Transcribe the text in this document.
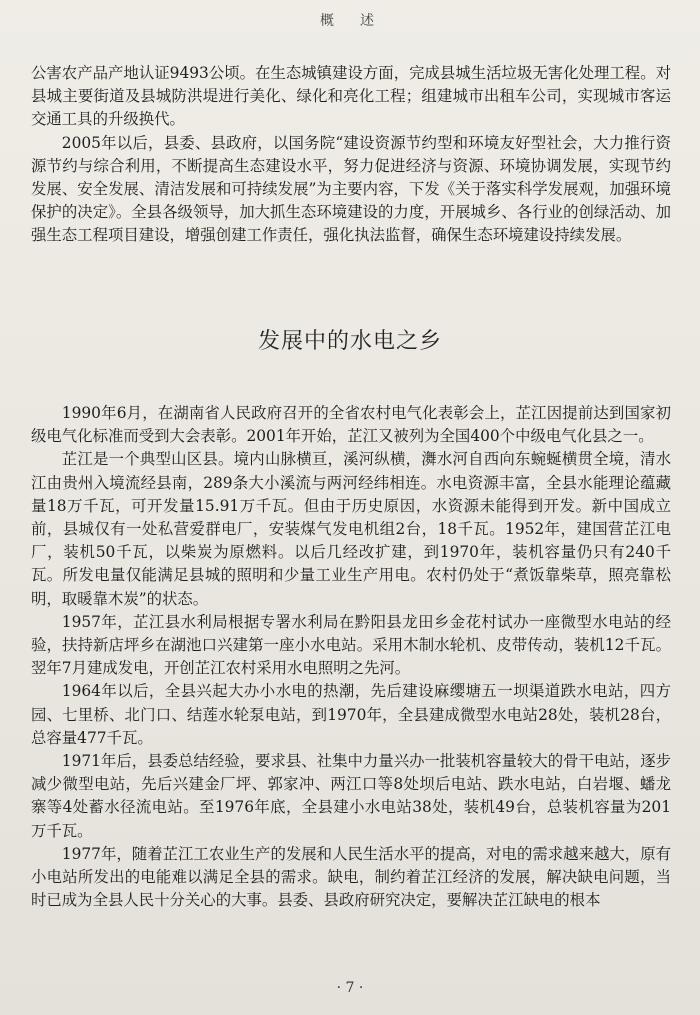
概　述

公害农产品产地认证9493公顷。在生态城镇建设方面，完成县城生活垃圾无害化处理工程。对县城主要街道及县城防洪堤进行美化、绿化和亮化工程；组建城市出租车公司，实现城市客运交通工具的升级换代。

2005年以后，县委、县政府，以国务院“建设资源节约型和环境友好型社会，大力推行资源节约与综合利用，不断提高生态建设水平，努力促进经济与资源、环境协调发展，实现节约发展、安全发展、清洁发展和可持续发展”为主要内容，下发《关于落实科学发展观，加强环境保护的决定》。全县各级领导，加大抓生态环境建设的力度，开展城乡、各行业的创绿活动、加强生态工程项目建设，增强创建工作责任，强化执法监督，确保生态环境建设持续发展。

发展中的水电之乡

1990年6月，在湖南省人民政府召开的全省农村电气化表彰会上，芷江因提前达到国家初级电气化标准而受到大会表彰。2001年开始，芷江又被列为全国400个中级电气化县之一。

芷江是一个典型山区县。境内山脉横亘，溪河纵横，㵲水河自西向东蜿蜒横贯全境，清水江由贵州入境流经县南，289条大小溪流与两河经纬相连。水电资源丰富，全县水能理论蕴藏量18万千瓦，可开发量15.91万千瓦。但由于历史原因，水资源未能得到开发。新中国成立前，县城仅有一处私营爱群电厂，安装煤气发电机组2台，18千瓦。1952年，建国营芷江电厂，装机50千瓦，以柴炭为原燃料。以后几经改扩建，到1970年，装机容量仍只有240千瓦。所发电量仅能满足县城的照明和少量工业生产用电。农村仍处于“煮饭靠柴草，照亮靠松明，取暖靠木炭”的状态。

1957年，芷江县水利局根据专署水利局在黔阳县龙田乡金花村试办一座微型水电站的经验，扶持新店坪乡在湖池口兴建第一座小水电站。采用木制水轮机、皮带传动，装机12千瓦。翌年7月建成发电，开创芷江农村采用水电照明之先河。

1964年以后，全县兴起大办小水电的热潮，先后建设麻缨塘五一坝渠道跌水电站，四方园、七里桥、北门口、结莲水轮泵电站，到1970年，全县建成微型水电站28处，装机28台，总容量477千瓦。

1971年后，县委总结经验，要求县、社集中力量兴办一批装机容量较大的骨干电站，逐步减少微型电站，先后兴建金厂坪、郭家冲、两江口等8处坝后电站、跌水电站，白岩堰、蟠龙寨等4处蓄水径流电站。至1976年底，全县建小水电站38处，装机49台，总装机容量为201万千瓦。

1977年，随着芷江工农业生产的发展和人民生活水平的提高，对电的需求越来越大，原有小电站所发出的电能难以满足全县的需求。缺电，制约着芷江经济的发展，解决缺电问题，当时已成为全县人民十分关心的大事。县委、县政府研究决定，要解决芷江缺电的根本

· 7 ·
